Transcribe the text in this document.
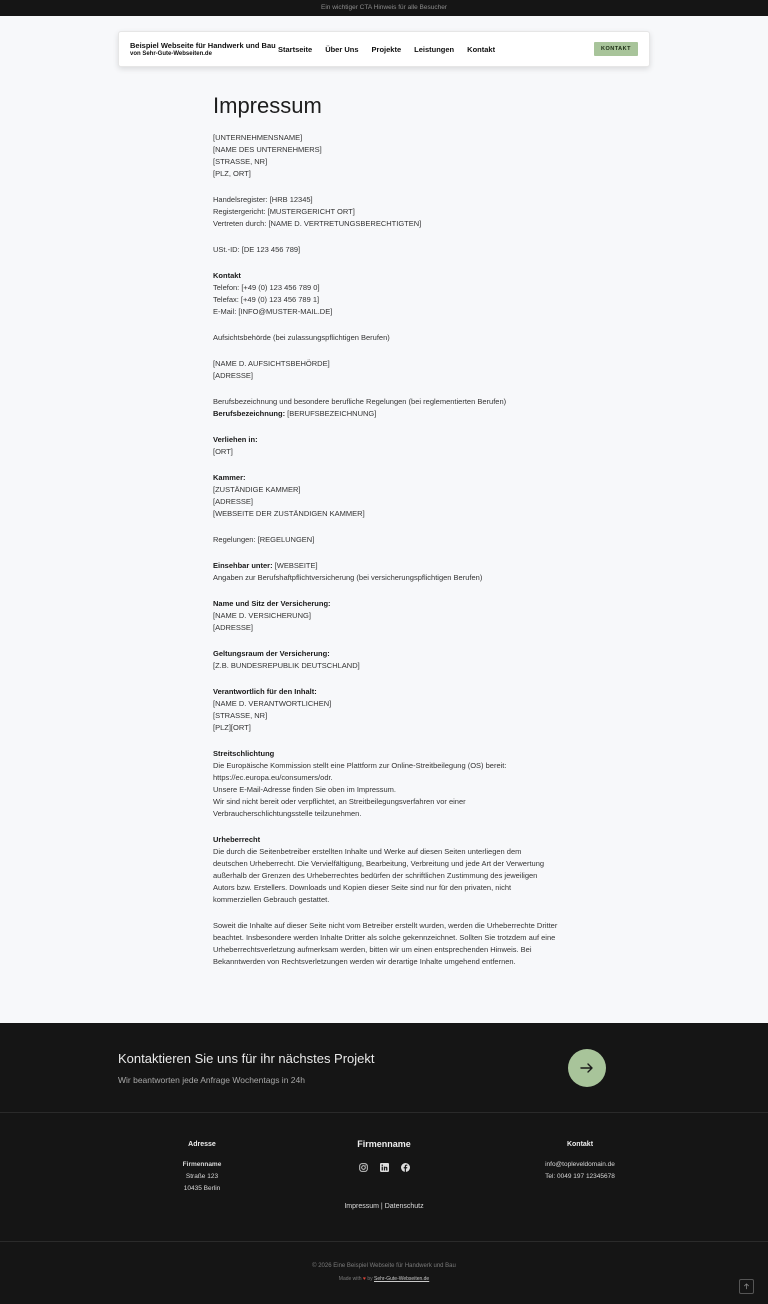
Ein wichtiger CTA Hinweis für alle Besucher
Beispiel Webseite für Handwerk und Bau
von Sehr-Gute-Webseiten.de	Startseite Über Uns Projekte Leistungen Kontakt	KONTAKT
Impressum

[UNTERNEHMENSNAME]
[NAME DES UNTERNEHMERS]
[STRASSE, NR]
[PLZ, ORT]

Handelsregister: [HRB 12345]
Registergericht: [MUSTERGERICHT ORT]
Vertreten durch: [NAME D. VERTRETUNGSBERECHTIGTEN]

USt.-ID: [DE 123 456 789]

Kontakt
Telefon: [+49 (0) 123 456 789 0]
Telefax: [+49 (0) 123 456 789 1]
E-Mail: [INFO@MUSTER-MAIL.DE]

Aufsichtsbehörde (bei zulassungspflichtigen Berufen)

[NAME D. AUFSICHTSBEHÖRDE]
[ADRESSE]

Berufsbezeichnung und besondere berufliche Regelungen (bei reglementierten Berufen)
Berufsbezeichnung: [BERUFSBEZEICHNUNG]

Verliehen in:
[ORT]

Kammer:
[ZUSTÄNDIGE KAMMER]
[ADRESSE]
[WEBSEITE DER ZUSTÄNDIGEN KAMMER]

Regelungen: [REGELUNGEN]

Einsehbar unter: [WEBSEITE]
Angaben zur Berufshaftpflichtversicherung (bei versicherungspflichtigen Berufen)

Name und Sitz der Versicherung:
[NAME D. VERSICHERUNG]
[ADRESSE]

Geltungsraum der Versicherung:
[Z.B. BUNDESREPUBLIK DEUTSCHLAND]

Verantwortlich für den Inhalt:
[NAME D. VERANTWORTLICHEN]
[STRASSE, NR]
[PLZ][ORT]

Streitschlichtung
Die Europäische Kommission stellt eine Plattform zur Online-Streitbeilegung (OS) bereit: https://ec.europa.eu/consumers/odr.
Unsere E-Mail-Adresse finden Sie oben im Impressum.
Wir sind nicht bereit oder verpflichtet, an Streitbeilegungsverfahren vor einer Verbraucherschlichtungsstelle teilzunehmen.

Urheberrecht
Die durch die Seitenbetreiber erstellten Inhalte und Werke auf diesen Seiten unterliegen dem deutschen Urheberrecht. Die Vervielfältigung, Bearbeitung, Verbreitung und jede Art der Verwertung außerhalb der Grenzen des Urheberrechtes bedürfen der schriftlichen Zustimmung des jeweiligen Autors bzw. Erstellers. Downloads und Kopien dieser Seite sind nur für den privaten, nicht kommerziellen Gebrauch gestattet.

Soweit die Inhalte auf dieser Seite nicht vom Betreiber erstellt wurden, werden die Urheberrechte Dritter beachtet. Insbesondere werden Inhalte Dritter als solche gekennzeichnet. Sollten Sie trotzdem auf eine Urheberrechtsverletzung aufmerksam werden, bitten wir um einen entsprechenden Hinweis. Bei Bekanntwerden von Rechtsverletzungen werden wir derartige Inhalte umgehend entfernen.

Kontaktieren Sie uns für ihr nächstes Projekt
Wir beantworten jede Anfrage Wochentags in 24h
Adresse
Firmenname
Straße 123
10435 Berlin
Firmenname	Kontakt
info@topleveldomain.de
Tel: 0049 197 12345678
Impressum | Datenschutz
© 2026 Eine Beispiel Webseite für Handwerk und Bau
Made with ♥ by Sehr-Gute-Webseiten.de
